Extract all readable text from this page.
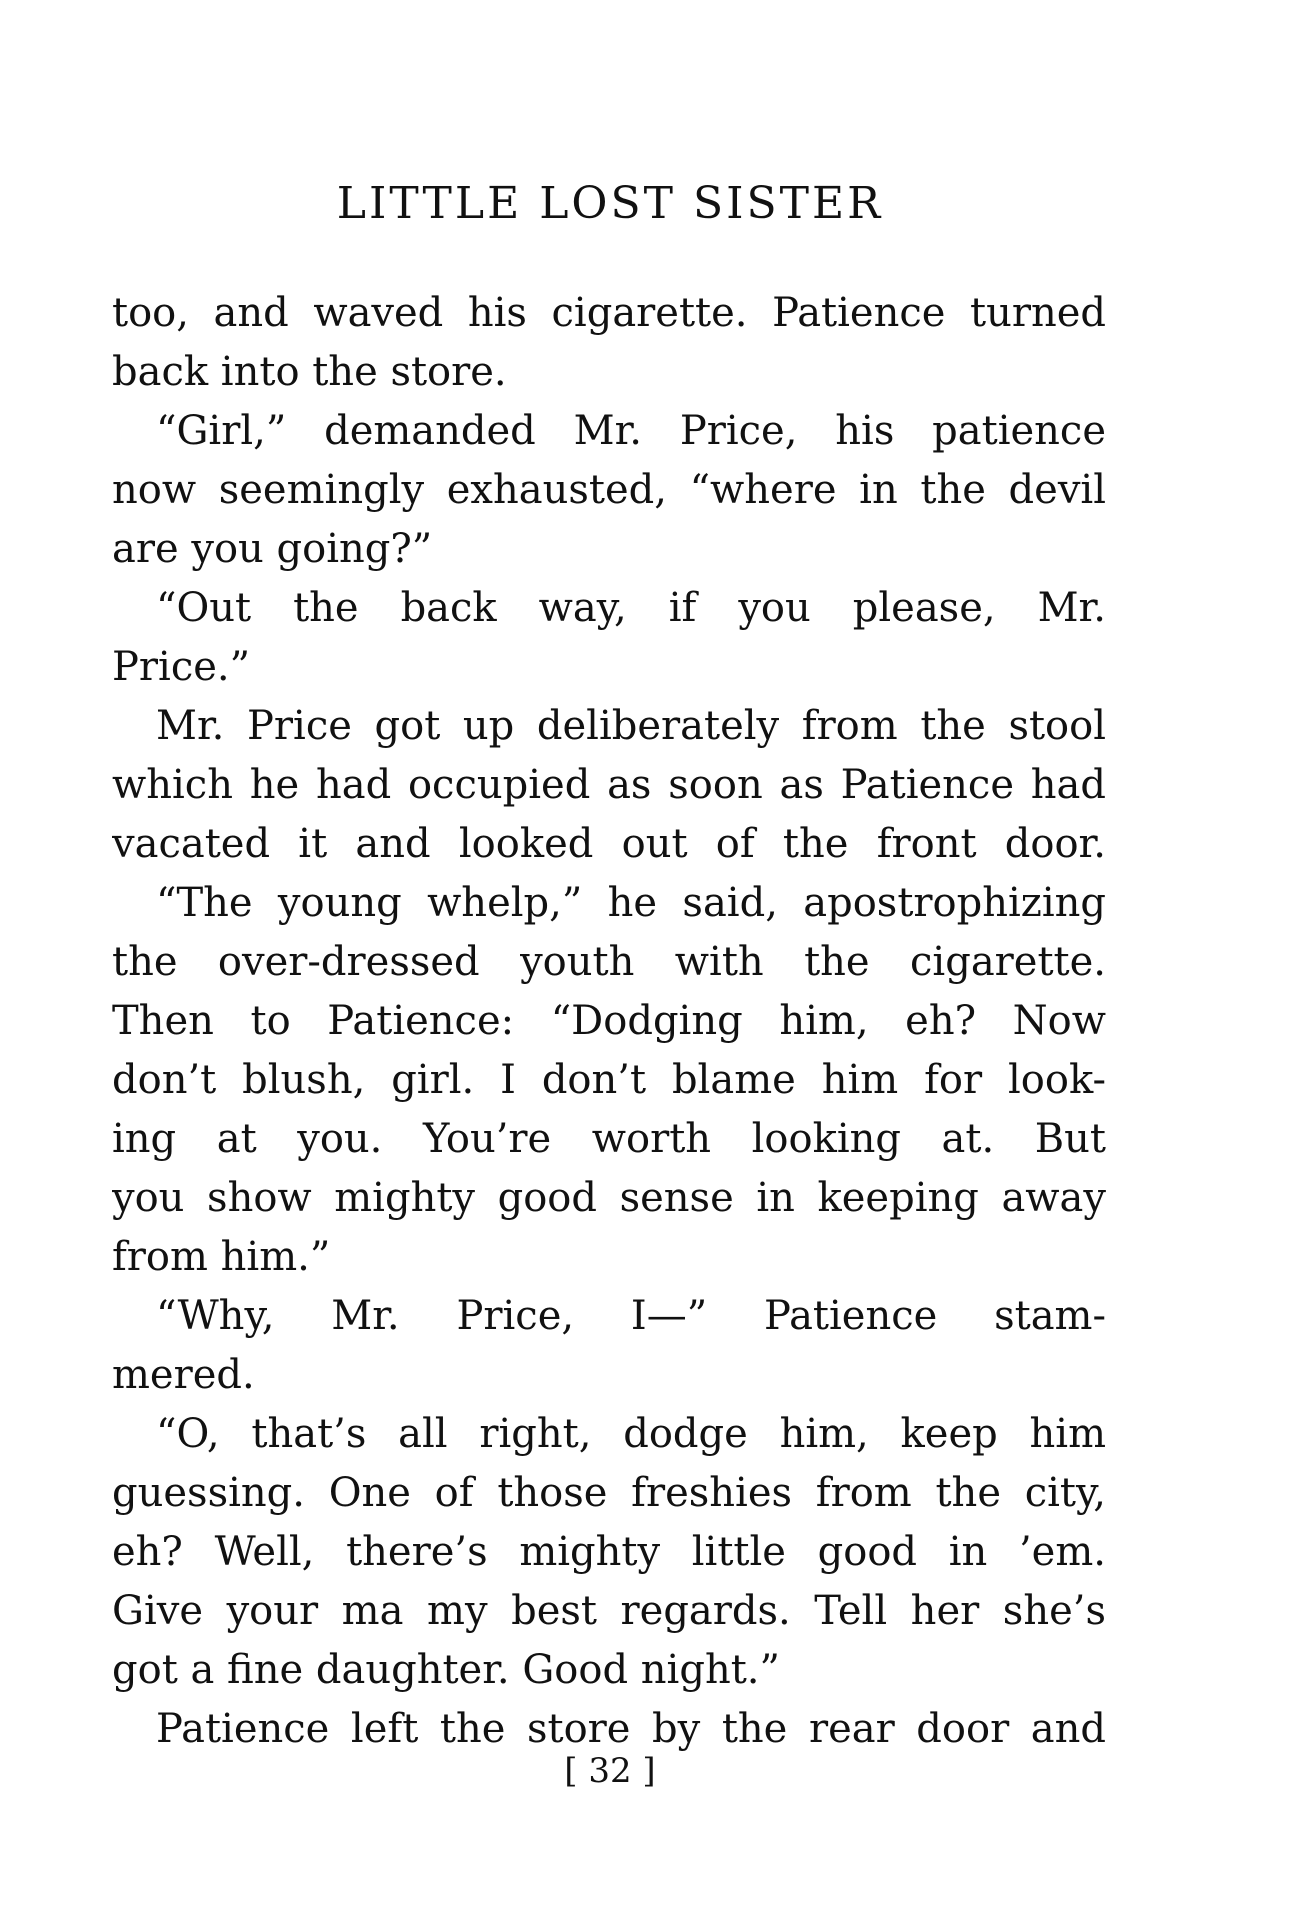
LITTLE LOST SISTER
too, and waved his cigarette. Patience turned
back into the store.
“Girl,” demanded Mr. Price, his patience
now seemingly exhausted, “where in the devil
are you going?”
“Out the back way, if you please, Mr.
Price.”
Mr. Price got up deliberately from the stool
which he had occupied as soon as Patience had
vacated it and looked out of the front door.
“The young whelp,” he said, apostrophizing
the over-dressed youth with the cigarette.
Then to Patience: “Dodging him, eh? Now
don’t blush, girl. I don’t blame him for look-
ing at you. You’re worth looking at. But
you show mighty good sense in keeping away
from him.”
“Why, Mr. Price, I—” Patience stam-
mered.
“O, that’s all right, dodge him, keep him
guessing. One of those freshies from the city,
eh? Well, there’s mighty little good in ’em.
Give your ma my best regards. Tell her she’s
got a fine daughter. Good night.”
Patience left the store by the rear door and
[ 32 ]
